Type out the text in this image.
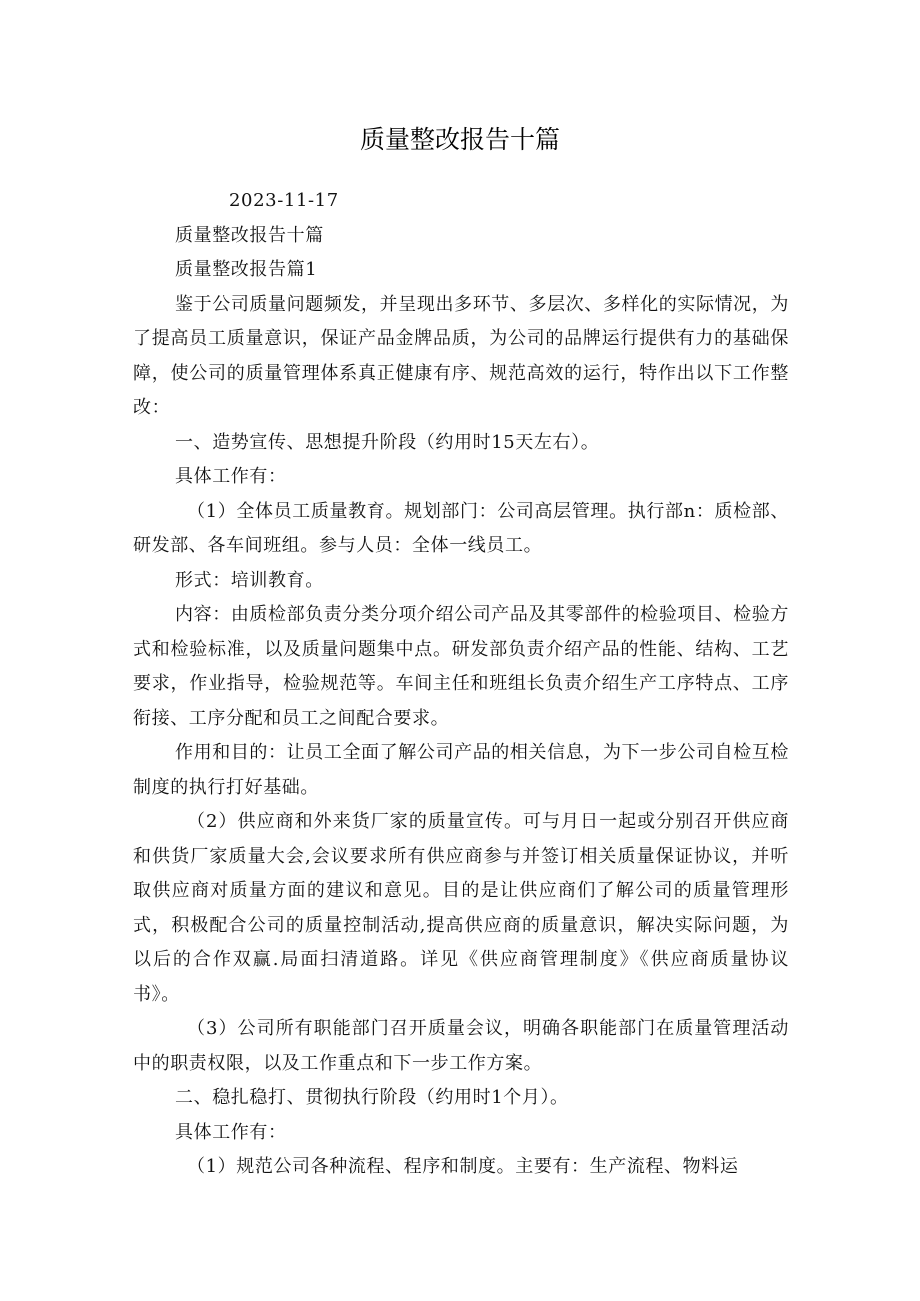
质量整改报告十篇

2023-11-17

质量整改报告十篇

质量整改报告篇1

鉴于公司质量问题频发，并呈现出多环节、多层次、多样化的实际情况，为了提高员工质量意识，保证产品金牌品质，为公司的品牌运行提供有力的基础保障，使公司的质量管理体系真正健康有序、规范高效的运行，特作出以下工作整改：

一、造势宣传、思想提升阶段（约用时15天左右）。

具体工作有：

（1）全体员工质量教育。规划部门：公司高层管理。执行部n：质检部、研发部、各车间班组。参与人员：全体一线员工。

形式：培训教育。

内容：由质检部负责分类分项介绍公司产品及其零部件的检验项目、检验方式和检验标准，以及质量问题集中点。研发部负责介绍产品的性能、结构、工艺要求，作业指导，检验规范等。车间主任和班组长负责介绍生产工序特点、工序衔接、工序分配和员工之间配合要求。

作用和目的：让员工全面了解公司产品的相关信息，为下一步公司自检互检制度的执行打好基础。

（2）供应商和外来货厂家的质量宣传。可与月日一起或分别召开供应商和供货厂家质量大会,会议要求所有供应商参与并签订相关质量保证协议，并听取供应商对质量方面的建议和意见。目的是让供应商们了解公司的质量管理形式，积极配合公司的质量控制活动,提高供应商的质量意识，解决实际问题，为以后的合作双赢.局面扫清道路。详见《供应商管理制度》《供应商质量协议书》。

（3）公司所有职能部门召开质量会议，明确各职能部门在质量管理活动中的职责权限，以及工作重点和下一步工作方案。

二、稳扎稳打、贯彻执行阶段（约用时1个月）。

具体工作有：

（1）规范公司各种流程、程序和制度。主要有：生产流程、物料运
